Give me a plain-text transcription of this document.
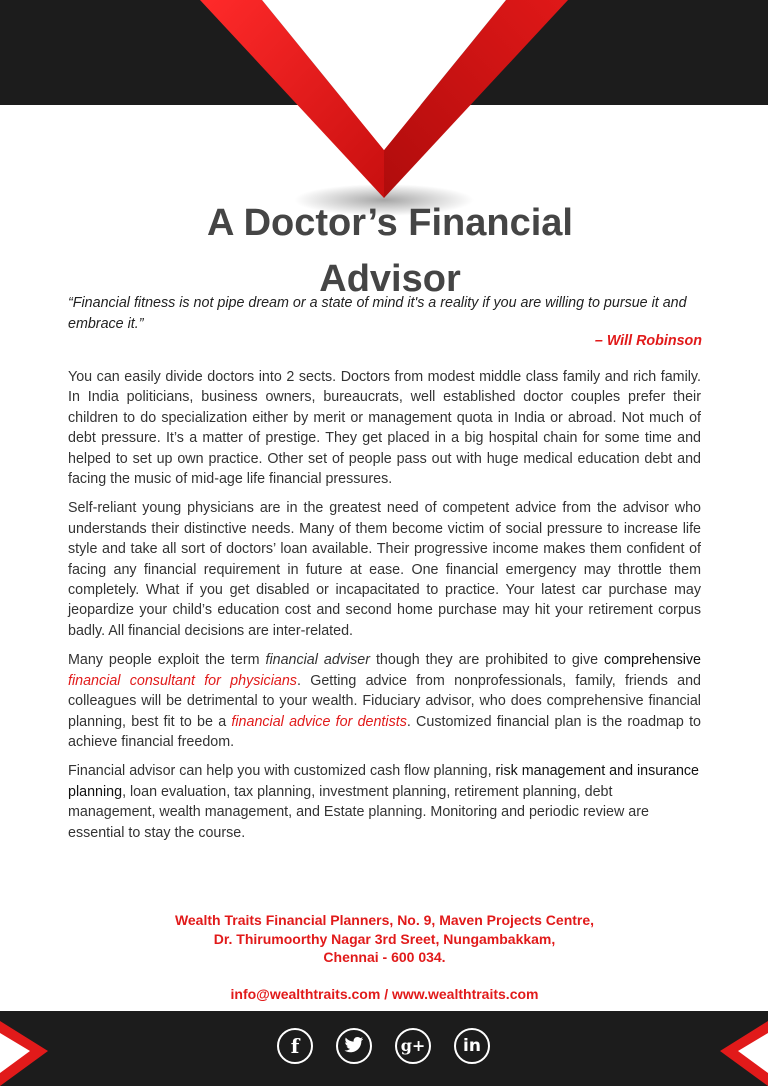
A Doctor’s Financial
Advisor
“Financial fitness is not pipe dream or a state of mind it's a reality if you are willing to pursue it and embrace it.”
– Will Robinson

You can easily divide doctors into 2 sects. Doctors from modest middle class family and rich family. In India politicians, business owners, bureaucrats, well established doctor couples prefer their children to do specialization either by merit or management quota in India or abroad. Not much of debt pressure. It’s a matter of prestige. They get placed in a big hospital chain for some time and helped to set up own practice. Other set of people pass out with huge medical education debt and facing the music of mid-age life financial pressures.

Self-reliant young physicians are in the greatest need of competent advice from the advisor who understands their distinctive needs. Many of them become victim of social pressure to increase life style and take all sort of doctors’ loan available. Their progressive income makes them confident of facing any financial requirement in future at ease. One financial emergency may throttle them completely. What if you get disabled or incapacitated to practice. Your latest car purchase may jeopardize your child’s education cost and second home purchase may hit your retirement corpus badly. All financial decisions are inter-related.

Many people exploit the term financial adviser though they are prohibited to give comprehensive financial consultant for physicians. Getting advice from nonprofessionals, family, friends and colleagues will be detrimental to your wealth. Fiduciary advisor, who does comprehensive financial planning, best fit to be a financial advice for dentists. Customized financial plan is the roadmap to achieve financial freedom.

Financial advisor can help you with customized cash flow planning, risk management and insurance planning, loan evaluation, tax planning, investment planning, retirement planning, debt management, wealth management, and Estate planning. Monitoring and periodic review are essential to stay the course.

Wealth Traits Financial Planners, No. 9, Maven Projects Centre,
Dr. Thirumoorthy Nagar 3rd Sreet, Nungambakkam,
Chennai - 600 034.
info@wealthtraits.com / www.wealthtraits.com
f	g+	in
